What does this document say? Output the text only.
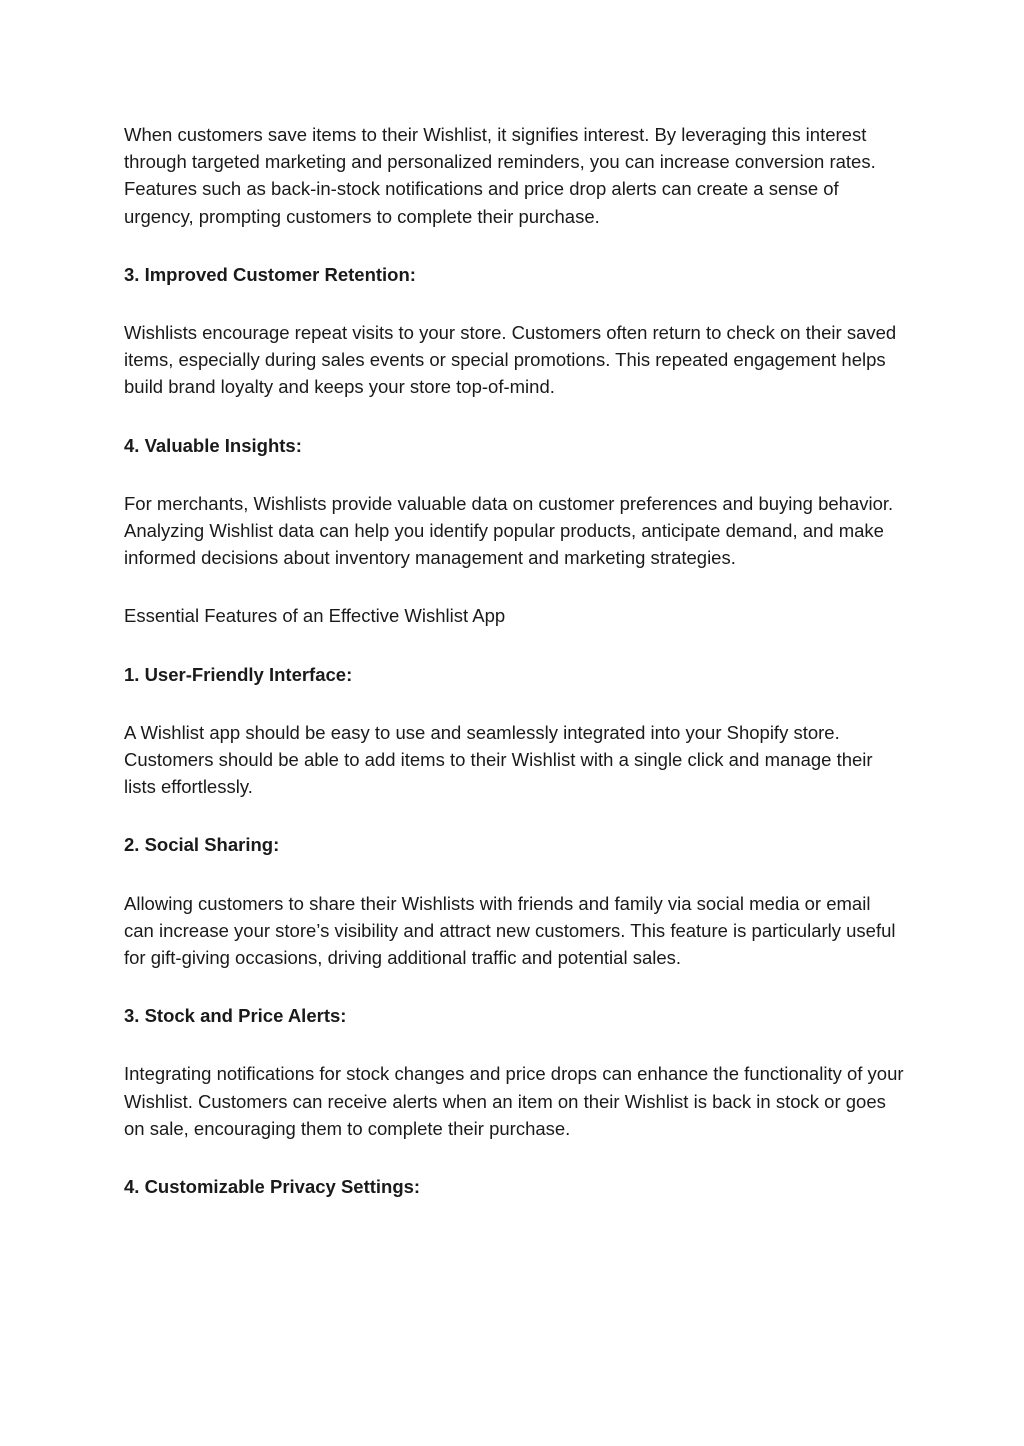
When customers save items to their Wishlist, it signifies interest. By leveraging this interest through targeted marketing and personalized reminders, you can increase conversion rates. Features such as back-in-stock notifications and price drop alerts can create a sense of urgency, prompting customers to complete their purchase.

3. Improved Customer Retention:

Wishlists encourage repeat visits to your store. Customers often return to check on their saved items, especially during sales events or special promotions. This repeated engagement helps build brand loyalty and keeps your store top-of-mind.

4. Valuable Insights:

For merchants, Wishlists provide valuable data on customer preferences and buying behavior. Analyzing Wishlist data can help you identify popular products, anticipate demand, and make informed decisions about inventory management and marketing strategies.

Essential Features of an Effective Wishlist App

1. User-Friendly Interface:

A Wishlist app should be easy to use and seamlessly integrated into your Shopify store. Customers should be able to add items to their Wishlist with a single click and manage their lists effortlessly.

2. Social Sharing:

Allowing customers to share their Wishlists with friends and family via social media or email can increase your store’s visibility and attract new customers. This feature is particularly useful for gift-giving occasions, driving additional traffic and potential sales.

3. Stock and Price Alerts:

Integrating notifications for stock changes and price drops can enhance the functionality of your Wishlist. Customers can receive alerts when an item on their Wishlist is back in stock or goes on sale, encouraging them to complete their purchase.

4. Customizable Privacy Settings:
